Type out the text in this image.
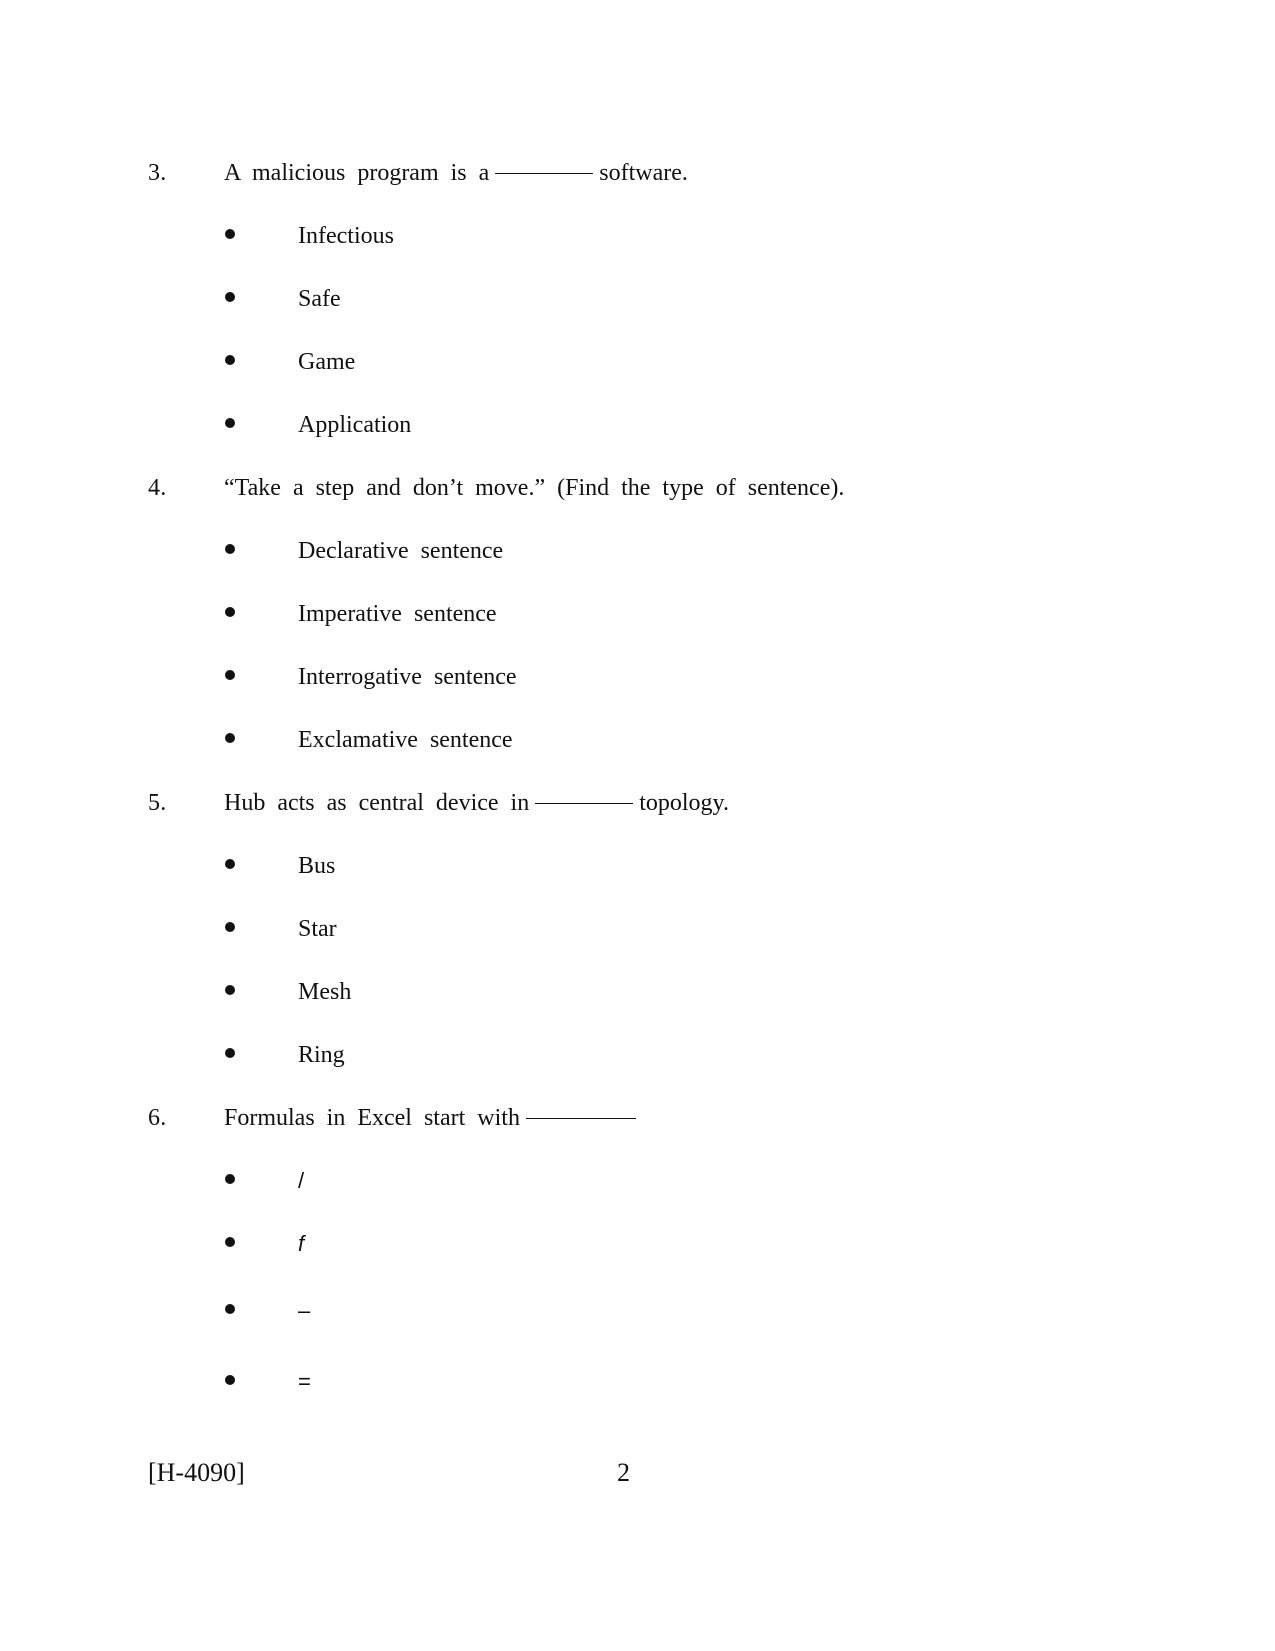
3. A malicious program is a	software.
Infectious
Safe
Game
Application
4. “Take a step and don’t move.” (Find the type of sentence).
Declarative sentence
Imperative sentence
Interrogative sentence
Exclamative sentence
5. Hub acts as central device in	topology.
Bus
Star
Mesh
Ring
6. Formulas in Excel start with
/
f
–
=
[H-4090]	2
